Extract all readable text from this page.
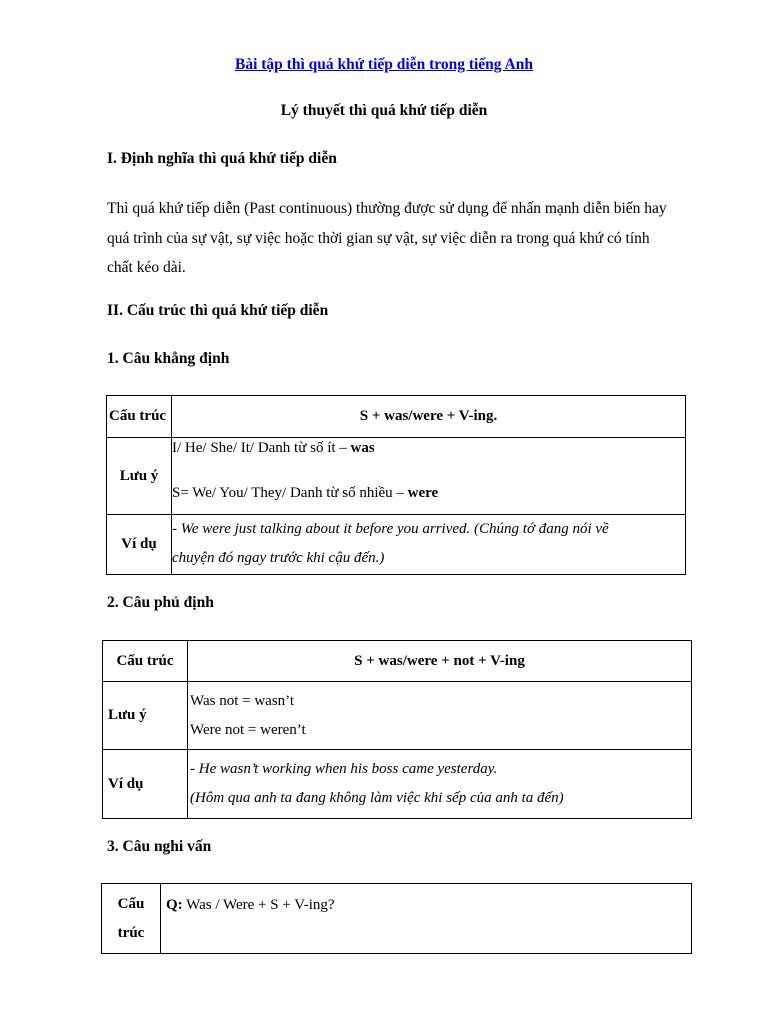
Bài tập thì quá khứ tiếp diễn trong tiếng Anh
Lý thuyết thì quá khứ tiếp diễn
I. Định nghĩa thì quá khứ tiếp diễn
Thì quá khứ tiếp diễn (Past continuous) thường được sử dụng để nhấn mạnh diễn biến hay
quá trình của sự vật, sự việc hoặc thời gian sự vật, sự việc diễn ra trong quá khứ có tính
chất kéo dài.
II. Cấu trúc thì quá khứ tiếp diễn
1. Câu khẳng định
Cấu trúc	S + was/were + V-ing.
Lưu ý	I/ He/ She/ It/ Danh từ số ít – was
S= We/ You/ They/ Danh từ số nhiều – were

Ví dụ	- We were just talking about it before you arrived. (Chúng tớ đang nói về
chuyện đó ngay trước khi cậu đến.)
2. Câu phủ định
Cấu trúc	S + was/were + not + V-ing
Lưu ý	Was not = wasn’t
Were not = weren’t

Ví dụ	- He wasn’t working when his boss came yesterday.
(Hôm qua anh ta đang không làm việc khi sếp của anh ta đến)
3. Câu nghi vấn
Cấu
trúc
	Q: Was / Were + S + V-ing?
